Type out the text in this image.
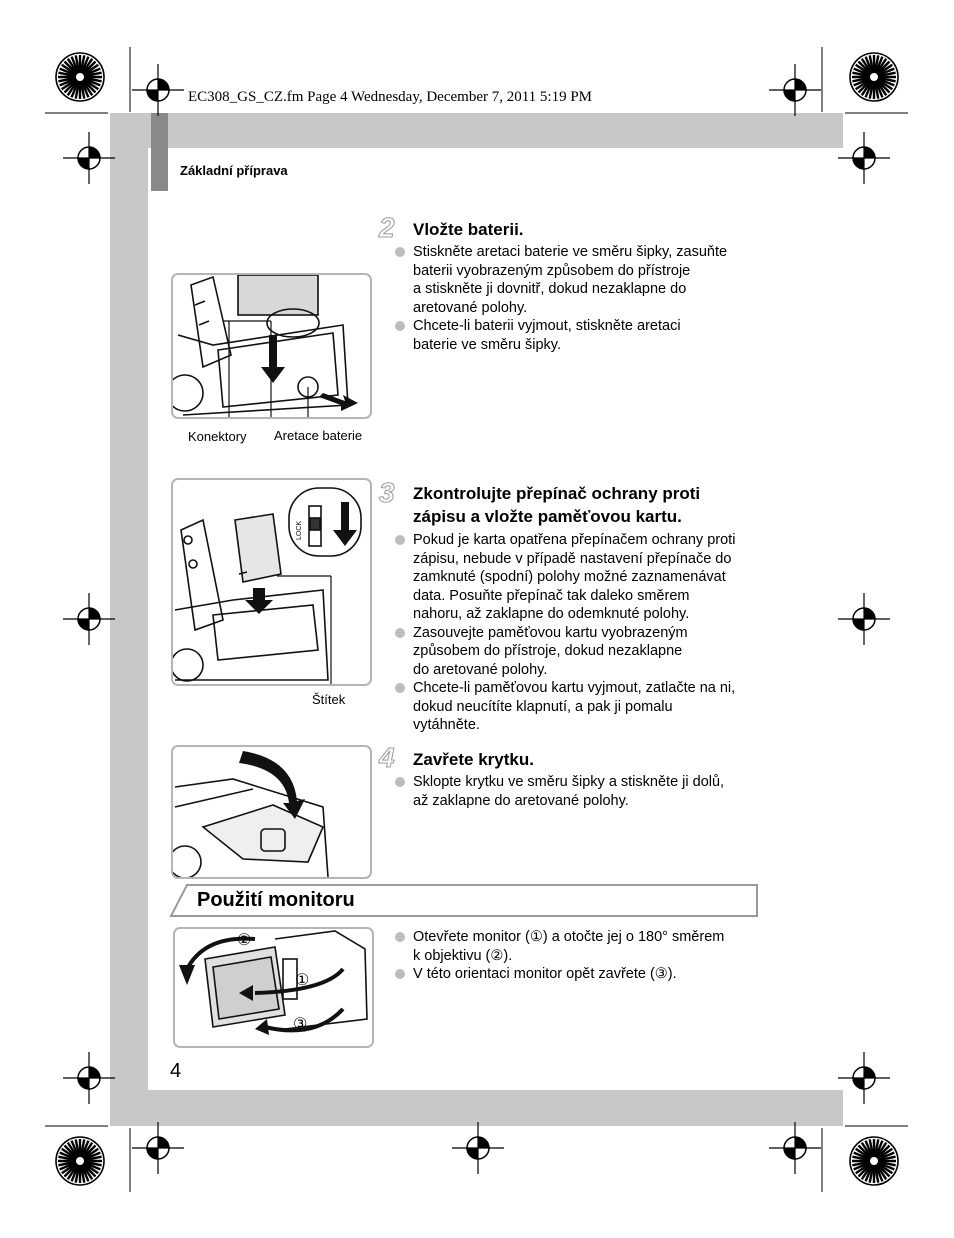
EC308_GS_CZ.fm Page 4 Wednesday, December 7, 2011 5:19 PM
Základní příprava
Konektory Aretace baterie
2 Vložte baterii.
Stiskněte aretaci baterie ve směru šipky, zasuňte
baterii vyobrazeným způsobem do přístroje
a stiskněte ji dovnitř, dokud nezaklapne do
aretované polohy.
Chcete-li baterii vyjmout, stiskněte aretaci
baterie ve směru šipky.
LOCK
Štítek
3 Zkontrolujte přepínač ochrany proti
zápisu a vložte paměťovou kartu.
Pokud je karta opatřena přepínačem ochrany proti
zápisu, nebude v případě nastavení přepínače do
zamknuté (spodní) polohy možné zaznamenávat
data. Posuňte přepínač tak daleko směrem
nahoru, až zaklapne do odemknuté polohy.
Zasouvejte paměťovou kartu vyobrazeným
způsobem do přístroje, dokud nezaklapne
do aretované polohy.
Chcete-li paměťovou kartu vyjmout, zatlačte na ni,
dokud neucítíte klapnutí, a pak ji pomalu
vytáhněte.
4 Zavřete krytku.
Sklopte krytku ve směru šipky a stiskněte ji dolů,
až zaklapne do aretované polohy.
Použití monitoru
②
①
③
Otevřete monitor (①) a otočte jej o 180° směrem
k objektivu (②).
V této orientaci monitor opět zavřete (③).
4
